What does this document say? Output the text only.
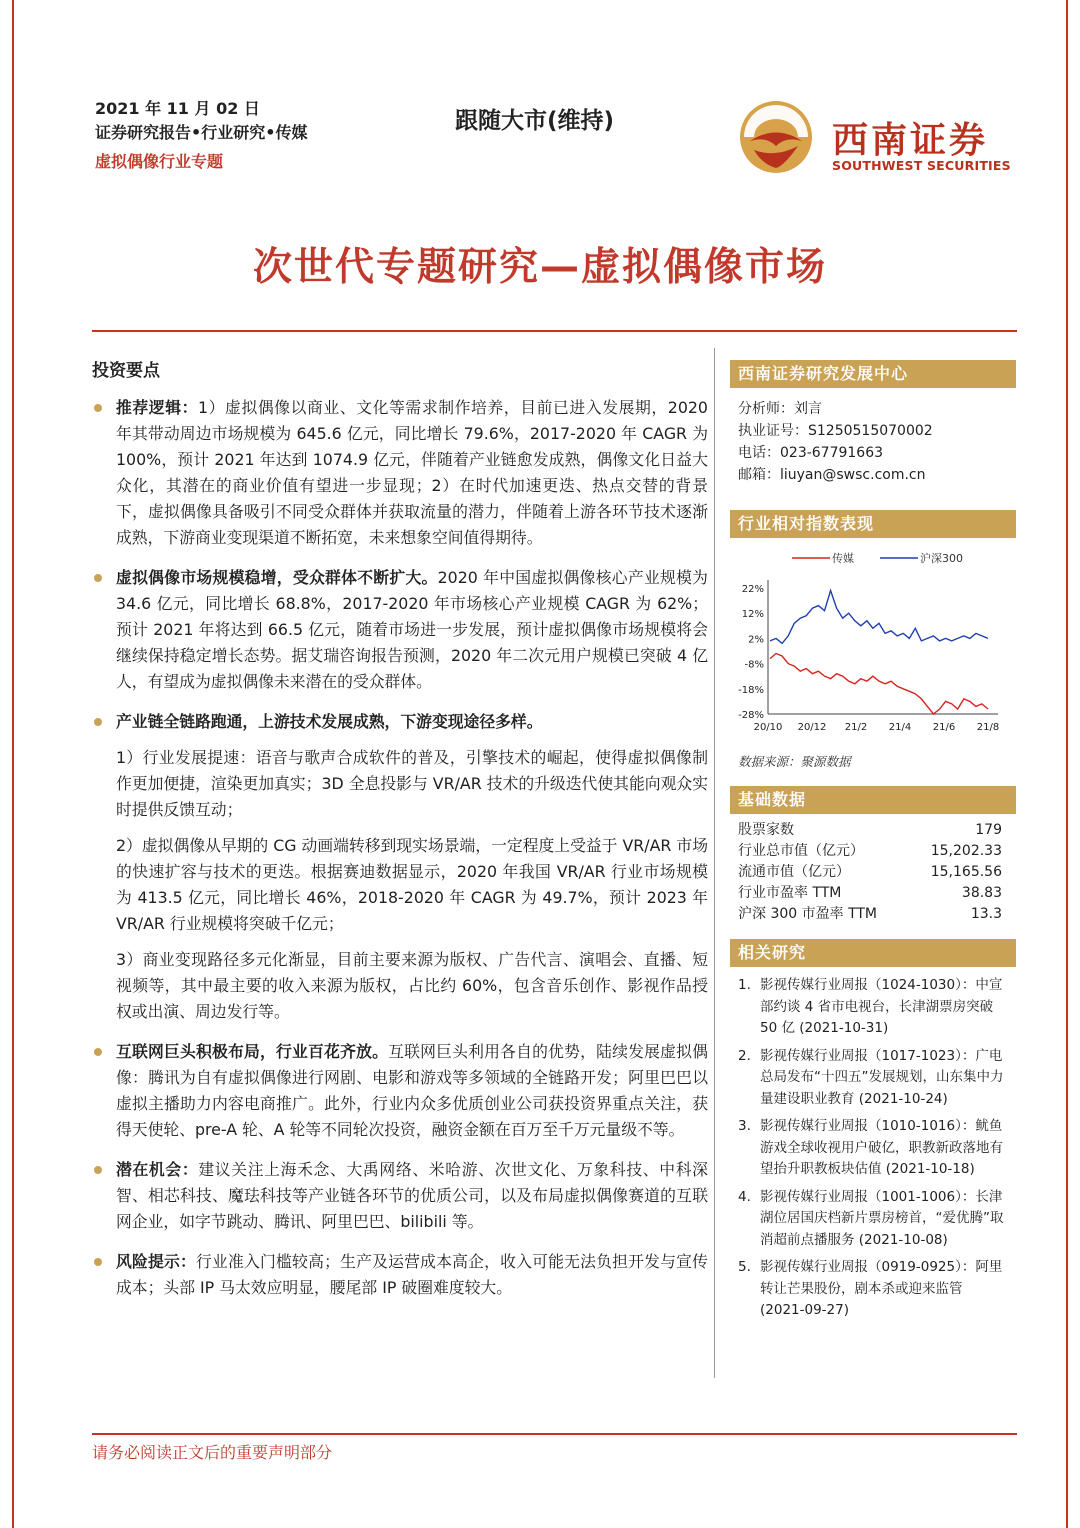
2021 年 11 月 02 日
证券研究报告•行业研究•传媒
虚拟偶像行业专题
跟随大市(维持)	西南证券
SOUTHWEST SECURITIES
次世代专题研究—虚拟偶像市场
投资要点
推荐逻辑：1）虚拟偶像以商业、文化等需求制作培养，目前已进入发展期，2020 年其带动周边市场规模为 645.6 亿元，同比增长 79.6%，2017-2020 年 CAGR 为 100%，预计 2021 年达到 1074.9 亿元，伴随着产业链愈发成熟，偶像文化日益大众化，其潜在的商业价值有望进一步显现；2）在时代加速更迭、热点交替的背景下，虚拟偶像具备吸引不同受众群体并获取流量的潜力，伴随着上游各环节技术逐渐成熟，下游商业变现渠道不断拓宽，未来想象空间值得期待。
虚拟偶像市场规模稳增，受众群体不断扩大。2020 年中国虚拟偶像核心产业规模为 34.6 亿元，同比增长 68.8%，2017-2020 年市场核心产业规模 CAGR 为 62%；预计 2021 年将达到 66.5 亿元，随着市场进一步发展，预计虚拟偶像市场规模将会继续保持稳定增长态势。据艾瑞咨询报告预测，2020 年二次元用户规模已突破 4 亿人，有望成为虚拟偶像未来潜在的受众群体。
产业链全链路跑通，上游技术发展成熟，下游变现途径多样。
1）行业发展提速：语音与歌声合成软件的普及，引擎技术的崛起，使得虚拟偶像制作更加便捷，渲染更加真实；3D 全息投影与 VR/AR 技术的升级迭代使其能向观众实时提供反馈互动；
2）虚拟偶像从早期的 CG 动画端转移到现实场景端，一定程度上受益于 VR/AR 市场的快速扩容与技术的更迭。根据赛迪数据显示，2020 年我国 VR/AR 行业市场规模为 413.5 亿元，同比增长 46%，2018-2020 年 CAGR 为 49.7%，预计 2023 年 VR/AR 行业规模将突破千亿元；
3）商业变现路径多元化渐显，目前主要来源为版权、广告代言、演唱会、直播、短视频等，其中最主要的收入来源为版权，占比约 60%，包含音乐创作、影视作品授权或出演、周边发行等。
互联网巨头积极布局，行业百花齐放。互联网巨头利用各自的优势，陆续发展虚拟偶像：腾讯为自有虚拟偶像进行网剧、电影和游戏等多领域的全链路开发；阿里巴巴以虚拟主播助力内容电商推广。此外，行业内众多优质创业公司获投资界重点关注，获得天使轮、pre-A 轮、A 轮等不同轮次投资，融资金额在百万至千万元量级不等。
潜在机会：建议关注上海禾念、大禹网络、米哈游、次世文化、万象科技、中科深智、相芯科技、魔珐科技等产业链各环节的优质公司，以及布局虚拟偶像赛道的互联网企业，如字节跳动、腾讯、阿里巴巴、bilibili 等。
风险提示：行业准入门槛较高；生产及运营成本高企，收入可能无法负担开发与宣传成本；头部 IP 马太效应明显，腰尾部 IP 破圈难度较大。
西南证券研究发展中心
分析师：刘言
执业证号：S1250515070002
电话：023-67791663
邮箱：liuyan@swsc.com.cn
行业相对指数表现
传媒	沪深300
22%
12%
2%
-8%
-18%
-28%
20/10 20/12 21/2 21/4 21/6 21/8
数据来源：聚源数据
基础数据
股票家数	179
行业总市值（亿元）	15,202.33
流通市值（亿元）	15,165.56
行业市盈率 TTM	38.83
沪深 300 市盈率 TTM	13.3
相关研究
1. 影视传媒行业周报（1024-1030）：中宣部约谈 4 省市电视台，长津湖票房突破 50 亿 (2021-10-31)
2. 影视传媒行业周报（1017-1023）：广电总局发布“十四五”发展规划，山东集中力量建设职业教育 (2021-10-24)
3. 影视传媒行业周报（1010-1016）：鱿鱼游戏全球收视用户破亿，职教新政落地有望抬升职教板块估值 (2021-10-18)
4. 影视传媒行业周报（1001-1006）：长津湖位居国庆档新片票房榜首，“爱优腾”取消超前点播服务 (2021-10-08)
5. 影视传媒行业周报（0919-0925）：阿里转让芒果股份，剧本杀或迎来监管 (2021-09-27)
请务必阅读正文后的重要声明部分
